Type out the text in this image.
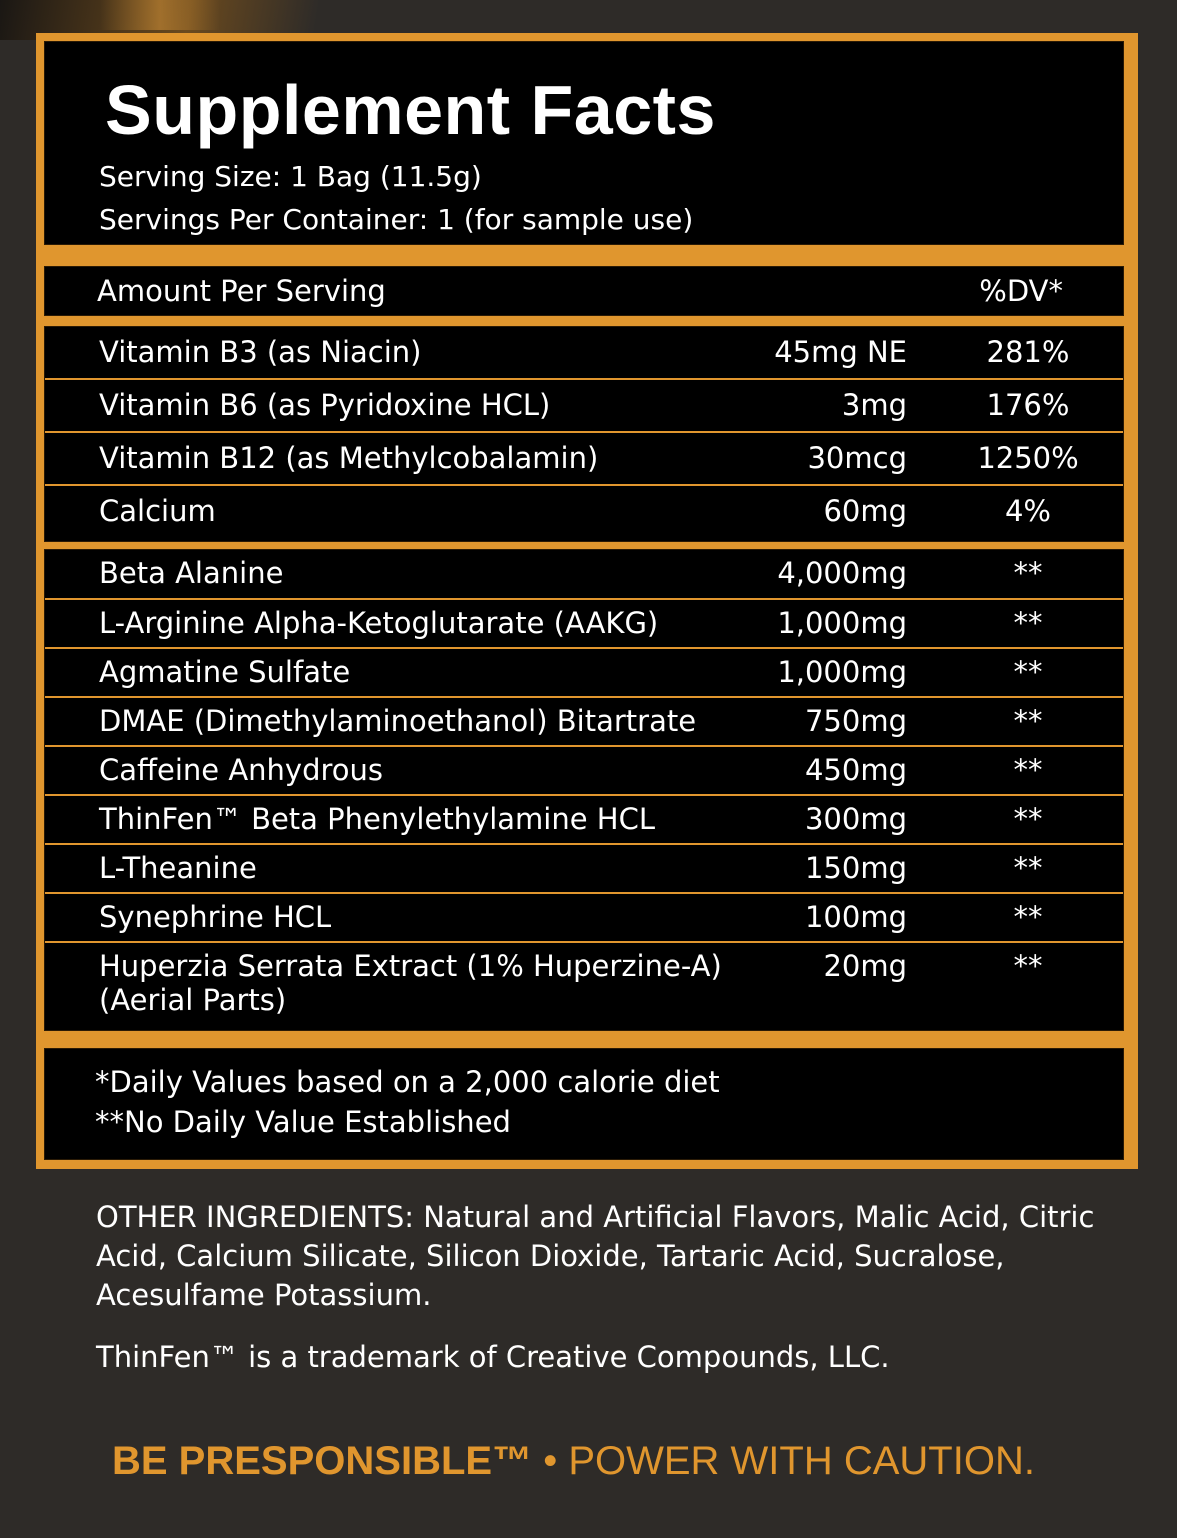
Supplement Facts
Serving Size: 1 Bag (11.5g)
Servings Per Container: 1 (for sample use)
Amount Per Serving	%DV*
Vitamin B3 (as Niacin)	45mg NE	281%
Vitamin B6 (as Pyridoxine HCL)	3mg	176%
Vitamin B12 (as Methylcobalamin)	30mcg	1250%
Calcium	60mg	4%
Beta Alanine	4,000mg	**
L-Arginine Alpha-Ketoglutarate (AAKG)	1,000mg	**
Agmatine Sulfate	1,000mg	**
DMAE (Dimethylaminoethanol) Bitartrate	750mg	**
Caffeine Anhydrous	450mg	**
ThinFen™ Beta Phenylethylamine HCL	300mg	**
L-Theanine	150mg	**
Synephrine HCL	100mg	**
Huperzia Serrata Extract (1% Huperzine-A)
(Aerial Parts)
20mg	**
*Daily Values based on a 2,000 calorie diet
**No Daily Value Established
OTHER INGREDIENTS: Natural and Artificial Flavors, Malic Acid, Citric Acid, Calcium Silicate, Silicon Dioxide, Tartaric Acid, Sucralose, Acesulfame Potassium.
ThinFen™ is a trademark of Creative Compounds, LLC.
BE PRESPONSIBLE™ • POWER WITH CAUTION.
